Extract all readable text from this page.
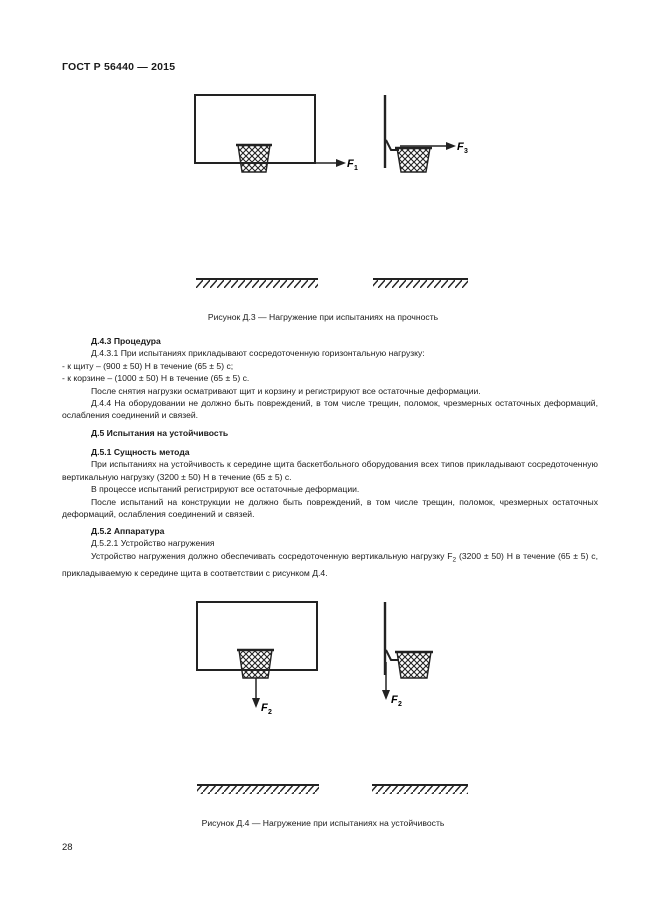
ГОСТ Р 56440 — 2015
F 1
F 3
Рисунок Д.3 — Нагружение при испытаниях на прочность

Д.4.3 Процедура

Д.4.3.1 При испытаниях прикладывают сосредоточенную горизонтальную нагрузку:

- к щиту – (900 ± 50) Н в течение (65 ± 5) с;

- к корзине – (1000 ± 50) Н в течение (65 ± 5) с.

После снятия нагрузки осматривают щит и корзину и регистрируют все остаточные деформации.

Д.4.4 На оборудовании не должно быть повреждений, в том числе трещин, поломок, чрезмерных остаточных деформаций, ослабления соединений и связей.

Д.5 Испытания на устойчивость

Д.5.1 Сущность метода

При испытаниях на устойчивость к середине щита баскетбольного оборудования всех типов прикладывают сосредоточенную вертикальную нагрузку (3200 ± 50) Н в течение (65 ± 5) с.

В процессе испытаний регистрируют все остаточные деформации.

После испытаний на конструкции не должно быть повреждений, в том числе трещин, поломок, чрезмерных остаточных деформаций, ослабления соединений и связей.

Д.5.2 Аппаратура

Д.5.2.1 Устройство нагружения

Устройство нагружения должно обеспечивать сосредоточенную вертикальную нагрузку $F_2$ (3200 ± 50) Н в течение (65 ± 5) с, прикладываемую к середине щита в соответствии с рисунком Д.4.

F 2
F 2
Рисунок Д.4 — Нагружение при испытаниях на устойчивость
28
